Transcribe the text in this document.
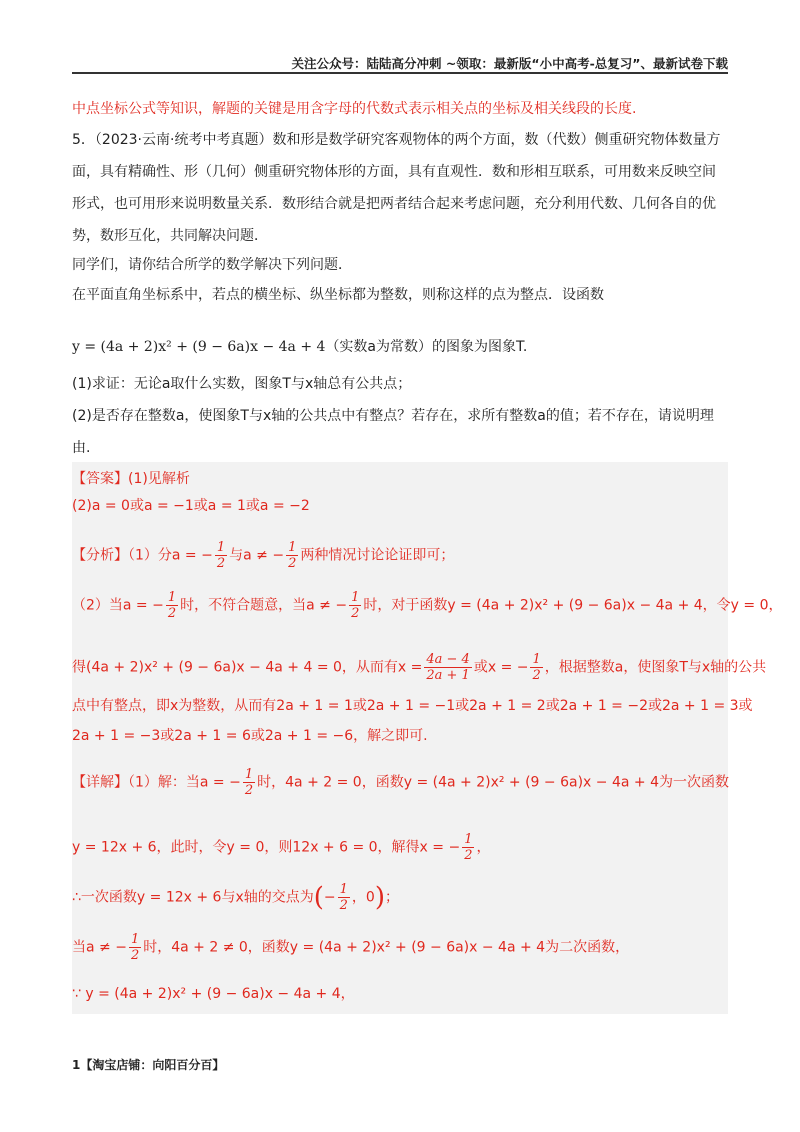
关注公众号：陆陆高分冲刺 ~领取：最新版“小中高考-总复习”、最新试卷下载
中点坐标公式等知识，解题的关键是用含字母的代数式表示相关点的坐标及相关线段的长度.
5．（2023·云南·统考中考真题）数和形是数学研究客观物体的两个方面，数（代数）侧重研究物体数量方
面，具有精确性、形（几何）侧重研究物体形的方面，具有直观性．数和形相互联系，可用数来反映空间
形式，也可用形来说明数量关系．数形结合就是把两者结合起来考虑问题，充分利用代数、几何各自的优
势，数形互化，共同解决问题．
同学们，请你结合所学的数学解决下列问题．
在平面直角坐标系中，若点的横坐标、纵坐标都为整数，则称这样的点为整点．设函数
y = (4a + 2)x² + (9 − 6a)x − 4a + 4（实数a为常数）的图象为图象T.
(1)求证：无论a取什么实数，图象T与x轴总有公共点；
(2)是否存在整数a，使图象T与x轴的公共点中有整点？若存在，求所有整数a的值；若不存在，请说明理
由.
【答案】(1)见解析
(2)a = 0或a = −1或a = 1或a = −2
【分析】（1）分a = − $\frac{1}{2}$ 与a ≠ − $\frac{1}{2}$ 两种情况讨论论证即可；
（2）当a = − $\frac{1}{2}$ 时，不符合题意，当a ≠ − $\frac{1}{2}$ 时，对于函数y = (4a + 2)x² + (9 − 6a)x − 4a + 4，令y = 0，
得(4a + 2)x² + (9 − 6a)x − 4a + 4 = 0，从而有$x = \frac{4a - 4}{2a + 1}$ 或x = − $\frac{1}{2}$ ，根据整数a，使图象T与x轴的公共
点中有整点，即x为整数，从而有2a + 1 = 1或2a + 1 = −1或2a + 1 = 2或2a + 1 = −2或2a + 1 = 3或
2a + 1 = −3或2a + 1 = 6或2a + 1 = −6，解之即可.
【详解】（1）解：当a = − $\frac{1}{2}$ 时，4a + 2 = 0，函数y = (4a + 2)x² + (9 − 6a)x − 4a + 4为一次函数
y = 12x + 6，此时，令y = 0，则12x + 6 = 0，解得x = − $\frac{1}{2}$ ，
∴一次函数y = 12x + 6与x轴的交点为(− $\frac{1}{2}$ ，0)；
当a ≠ − $\frac{1}{2}$ 时，4a + 2 ≠ 0，函数y = (4a + 2)x² + (9 − 6a)x − 4a + 4为二次函数，
∵ y = (4a + 2)x² + (9 − 6a)x − 4a + 4，
1【淘宝店铺：向阳百分百】
